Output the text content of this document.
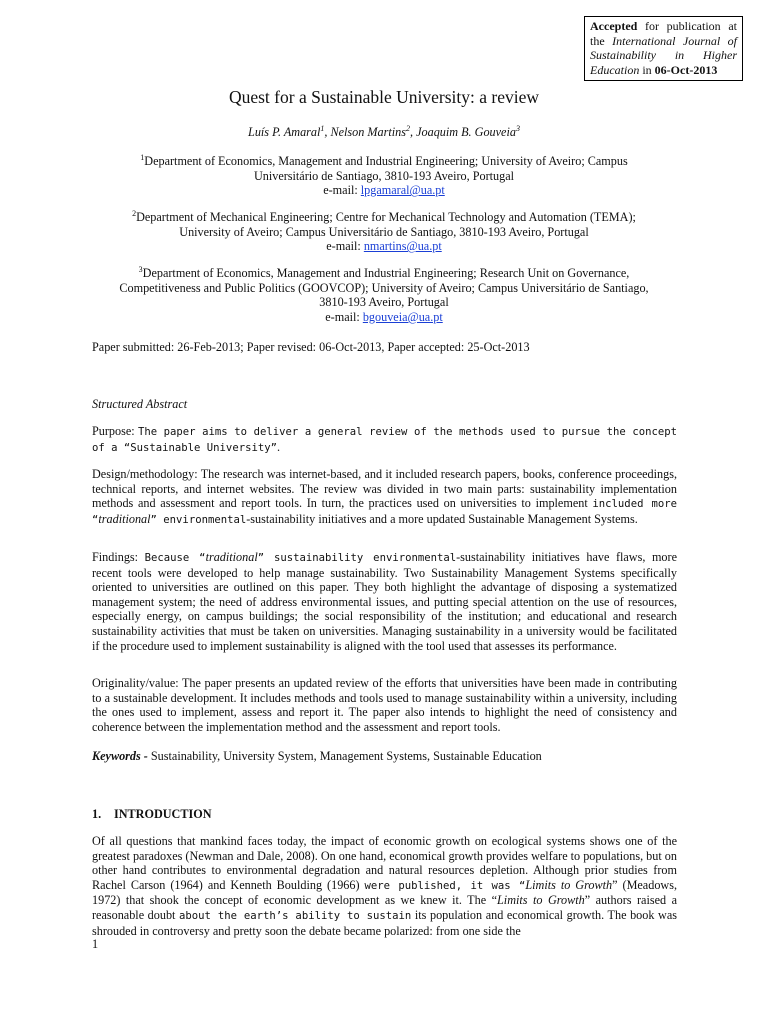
Accepted for publication at the International Journal of Sustainability in Higher Education in 06-Oct-2013
Quest for a Sustainable University: a review
Luís P. Amaral$^1$, Nelson Martins$^2$, Joaquim B. Gouveia$^3$
$^1$Department of Economics, Management and Industrial Engineering; University of Aveiro; Campus
Universitário de Santiago, 3810-193 Aveiro, Portugal
e-mail: lpgamaral@ua.pt
$^2$Department of Mechanical Engineering; Centre for Mechanical Technology and Automation (TEMA);
University of Aveiro; Campus Universitário de Santiago, 3810-193 Aveiro, Portugal
e-mail: nmartins@ua.pt
$^3$Department of Economics, Management and Industrial Engineering; Research Unit on Governance,
Competitiveness and Public Politics (GOOVCOP); University of Aveiro; Campus Universitário de Santiago,
3810-193 Aveiro, Portugal
e-mail: bgouveia@ua.pt
Paper submitted: 26-Feb-2013; Paper revised: 06-Oct-2013, Paper accepted: 25-Oct-2013
Structured Abstract
Purpose: The paper aims to deliver a general review of the methods used to pursue the concept of a “Sustainable University”.
Design/methodology: The research was internet-based, and it included research papers, books, conference proceedings, technical reports, and internet websites. The review was divided in two main parts: sustainability implementation methods and assessment and report tools. In turn, the practices used on universities to implement included more “traditional” environmental-sustainability initiatives and a more updated Sustainable Management Systems.
Findings: Because “traditional” sustainability environmental-sustainability initiatives have flaws, more recent tools were developed to help manage sustainability. Two Sustainability Management Systems specifically oriented to universities are outlined on this paper. They both highlight the advantage of disposing a systematized management system; the need of address environmental issues, and putting special attention on the use of resources, especially energy, on campus buildings; the social responsibility of the institution; and educational and research sustainability activities that must be taken on universities. Managing sustainability in a university would be facilitated if the procedure used to implement sustainability is aligned with the tool used that assesses its performance.
Originality/value: The paper presents an updated review of the efforts that universities have been made in contributing to a sustainable development. It includes methods and tools used to manage sustainability within a university, including the ones used to implement, assess and report it. The paper also intends to highlight the need of consistency and coherence between the implementation method and the assessment and report tools.
Keywords - Sustainability, University System, Management Systems, Sustainable Education
1. INTRODUCTION
Of all questions that mankind faces today, the impact of economic growth on ecological systems shows one of the greatest paradoxes (Newman and Dale, 2008). On one hand, economical growth provides welfare to populations, but on other hand contributes to environmental degradation and natural resources depletion. Although prior studies from Rachel Carson (1964) and Kenneth Boulding (1966) were published, it was “Limits to Growth” (Meadows, 1972) that shook the concept of economic development as we knew it. The “Limits to Growth” authors raised a reasonable doubt about the earth’s ability to sustain its population and economical growth. The book was shrouded in controversy and pretty soon the debate became polarized: from one side the
1
